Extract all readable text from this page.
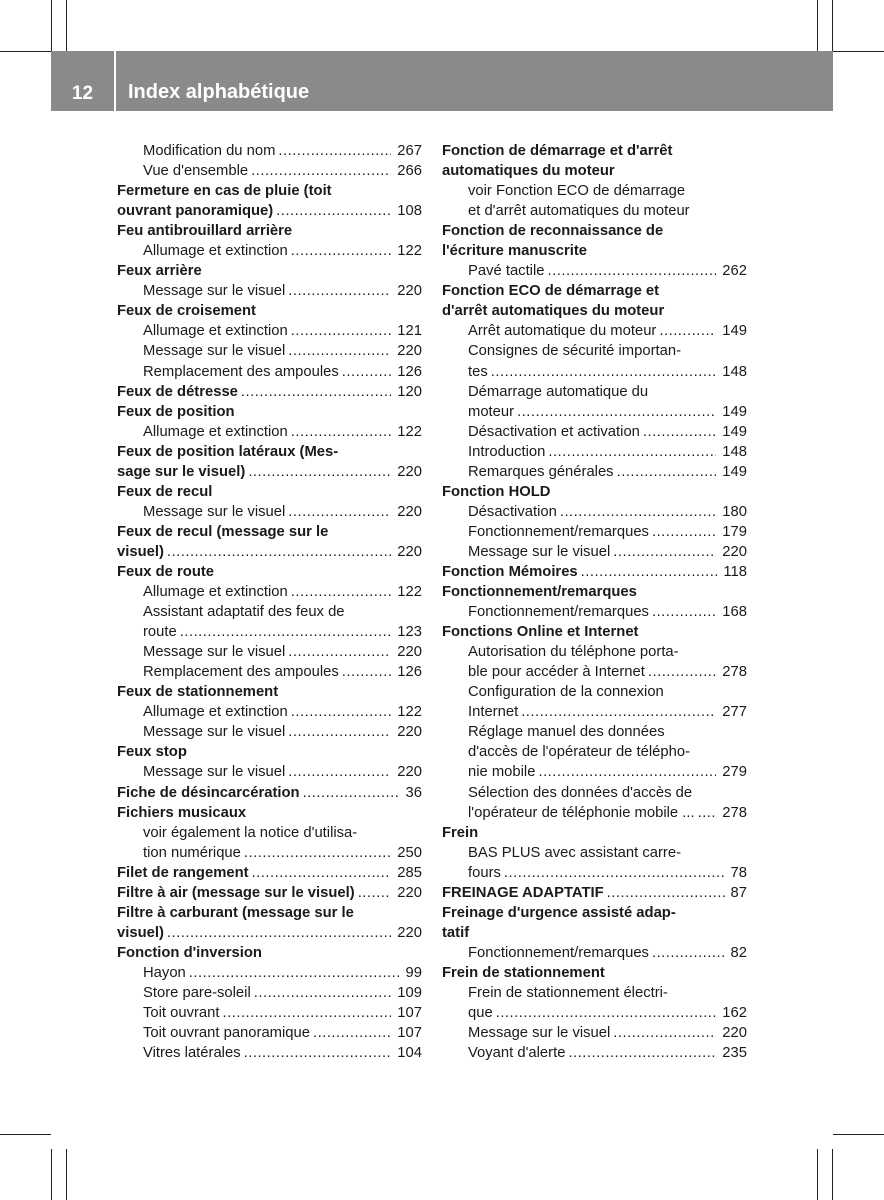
12	Index alphabétique
Modification du nom .....	267
Vue d'ensemble .....	266
Fermeture en cas de pluie (toit
ouvrant panoramique) .....	108
Feu antibrouillard arrière
Allumage et extinction .....	122
Feux arrière
Message sur le visuel .....	220
Feux de croisement
Allumage et extinction .....	121
Message sur le visuel .....	220
Remplacement des ampoules .....	126
Feux de détresse .....	120
Feux de position
Allumage et extinction .....	122
Feux de position latéraux (Mes-
sage sur le visuel) .....	220
Feux de recul
Message sur le visuel .....	220
Feux de recul (message sur le
visuel) .....	220
Feux de route
Allumage et extinction .....	122
Assistant adaptatif des feux de
route .....	123
Message sur le visuel .....	220
Remplacement des ampoules .....	126
Feux de stationnement
Allumage et extinction .....	122
Message sur le visuel .....	220
Feux stop
Message sur le visuel .....	220
Fiche de désincarcération .....	36
Fichiers musicaux
voir également la notice d'utilisa-
tion numérique .....	250
Filet de rangement .....	285
Filtre à air (message sur le visuel) .....	220
Filtre à carburant (message sur le
visuel) .....	220
Fonction d'inversion
Hayon .....	99
Store pare-soleil .....	109
Toit ouvrant .....	107
Toit ouvrant panoramique .....	107
Vitres latérales .....	104
Fonction de démarrage et d'arrêt
automatiques du moteur
voir Fonction ECO de démarrage
et d'arrêt automatiques du moteur
Fonction de reconnaissance de
l'écriture manuscrite
Pavé tactile .....	262
Fonction ECO de démarrage et
d'arrêt automatiques du moteur
Arrêt automatique du moteur .....	149
Consignes de sécurité importan-
tes .....	148
Démarrage automatique du
moteur .....	149
Désactivation et activation .....	149
Introduction .....	148
Remarques générales .....	149
Fonction HOLD
Désactivation .....	180
Fonctionnement/remarques .....	179
Message sur le visuel .....	220
Fonction Mémoires .....	118
Fonctionnement/remarques
Fonctionnement/remarques .....	168
Fonctions Online et Internet
Autorisation du téléphone porta-
ble pour accéder à Internet .....	278
Configuration de la connexion
Internet .....	277
Réglage manuel des données
d'accès de l'opérateur de télépho-
nie mobile .....	279
Sélection des données d'accès de
l'opérateur de téléphonie mobile ... ..... 278
Frein
BAS PLUS avec assistant carre-
fours .....	78
FREINAGE ADAPTATIF .....	87
Freinage d'urgence assisté adap-
tatif
Fonctionnement/remarques .....	82
Frein de stationnement
Frein de stationnement électri-
que .....	162
Message sur le visuel .....	220
Voyant d'alerte .....	235
